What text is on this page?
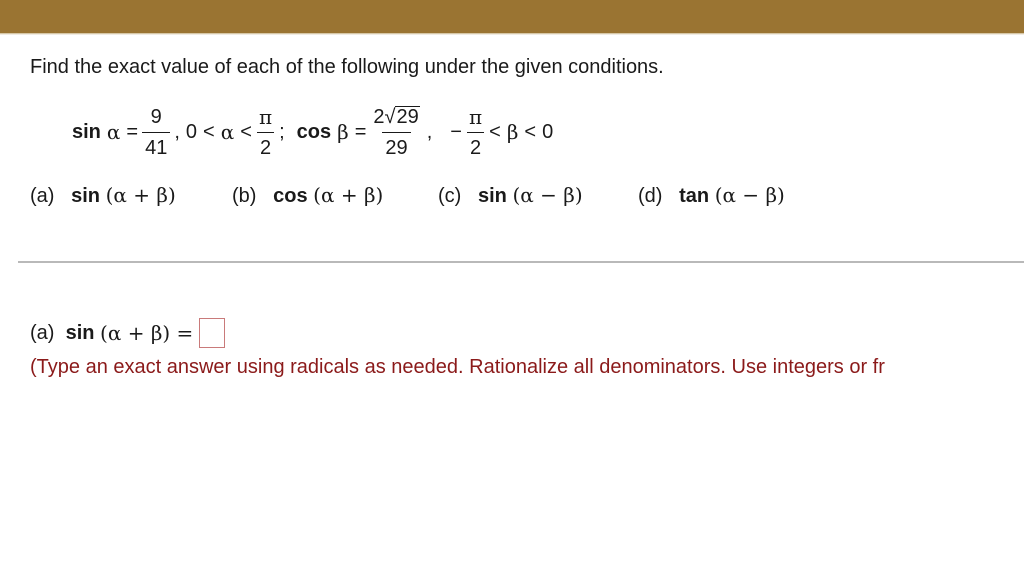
Find the exact value of each of the following under the given conditions.
$\sin \alpha = \frac{9}{41}$ , $0 < \alpha < \frac{\pi}{2}$ ; $\cos \beta = \frac{2 √ 29}{29}$ , − $\frac{\pi}{2} < \beta < 0$
(a) sin (α + β)	(b) cos (α + β)	(c) sin (α − β)	(d) tan (α − β)
(a)
sin
(α + β) =
(Type an exact answer using radicals as needed. Rationalize all denominators. Use integers or fr
